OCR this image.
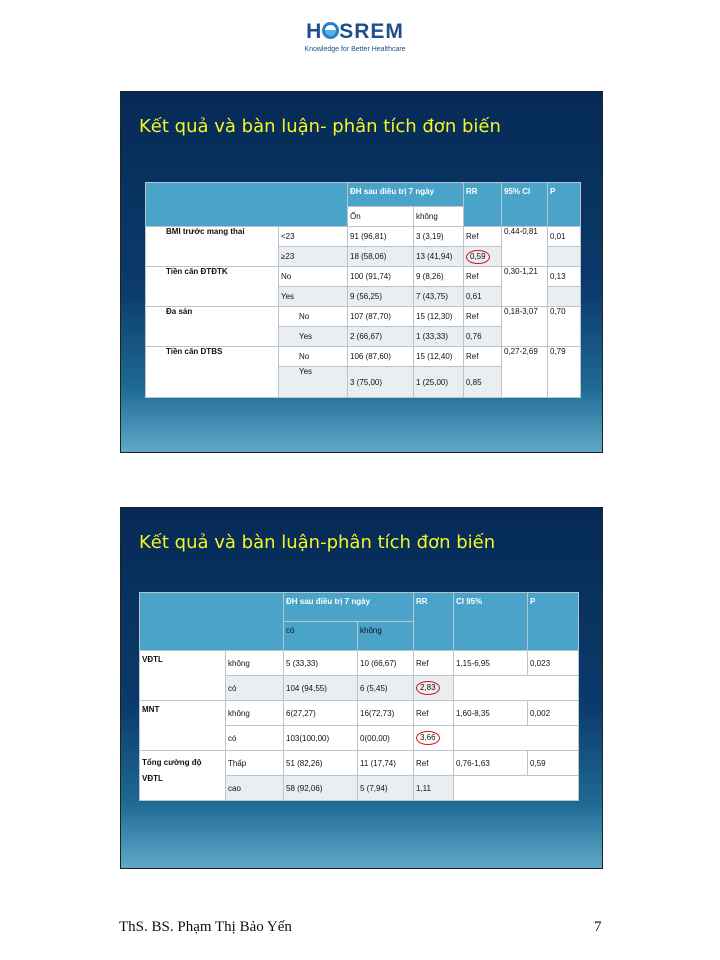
H SREM
Knowledge for Better Healthcare
Kết quả và bàn luận- phân tích đơn biến
		ĐH sau điều trị 7 ngày		RR	95% CI	P
		Ổn	không			
BMI trước mang thai	<23	91 (96,81)	3 (3,19)	Ref	0,44-0,81	0,01
	≥23	18 (58,06)	13 (41,94)	0,59		
Tiền căn ĐTĐTK	No	100 (91,74)	9 (8,26)	Ref	0,30-1,21	0,13
	Yes	9 (56,25)	7 (43,75)	0,61		
Đa sản	No	107 (87,70)	15 (12,30)	Ref	0,18-3,07	0,70
	Yes	2 (66,67)	1 (33,33)	0,76		
Tiền căn DTBS	No	106 (87,60)	15 (12,40)	Ref	0,27-2,69	0,79
	Yes	3 (75,00)	1 (25,00)	0,85		
Kết quả và bàn luận-phân tích đơn biến
		ĐH sau điều trị 7 ngày		RR	CI 95%	P
		có	không			
VĐTL	không	5 (33,33)	10 (66,67)	Ref	1,15-6,95	0,023
	có	104 (94,55)	6 (5,45)	2,83		
MNT	không	6(27,27)	16(72,73)	Ref	1,60-8,35	0,002
	có	103(100,00)	0(00,00)	3,66		
Tổng cường độ
VĐTL	Thấp	51 (82,26)	11 (17,74)	Ref	0,76-1,63	0,59
	cao	58 (92,06)	5 (7,94)	1,11		
ThS. BS. Phạm Thị Bảo Yến	7
